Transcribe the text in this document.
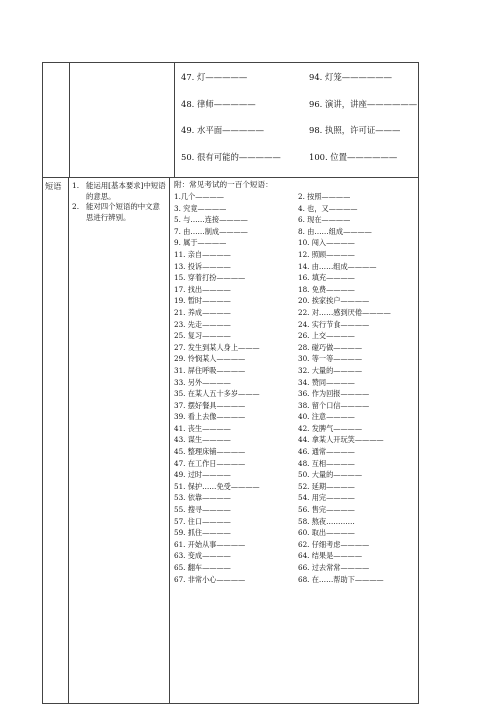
47. 灯—————	94. 灯笼——————
48. 律师—————	96. 演讲，讲座——————
49. 水平面—————	98. 执照，许可证———
50. 很有可能的—————	100. 位置——————
短语	1. 能运用[基本要求]中短语的意思。
2. 能对四个短语的中文意思进行辨别。
附：常见考试的一百个短语：
1.几个————	2. 按照————
3. 究竟————	4. 也，又————
5. 与……连接————	6. 现在————
7. 由……制成————	8. 由……组成————
9. 属于————	10. 闯入————
11. 亲自————	12. 照顾————
13. 投诉————	14. 由……组成————
15. 穿着打扮————	16. 填充————
17. 找出————	18. 免费————
19. 暂时————	20. 挨家挨户————
21. 养成————	22. 对……感到厌倦————
23. 先走————	24. 实行节食————
25. 复习————	26. 上交————
27. 发生到某人身上———	28. 碰巧做————
29. 怜悯某人————	30. 等一等————
31. 屏住呼吸————	32. 大量的————
33. 另外————	34. 赞同————
35. 在某人五十多岁———	36. 作为回报————
37. 摆好餐具————	38. 留个口信————
39. 看上去像————	40. 注意————
41. 丧生————	42. 发脾气————
43. 谋生————	44. 拿某人开玩笑————
45. 整理床铺————	46. 通常————
47. 在工作日————	48. 互相————
49. 过时————	50. 大量的————
51. 保护……免受————	52. 延期————
53. 依靠————	54. 用完————
55. 搜寻————	56. 售完————
57. 住口————	58. 熬夜…………
59. 抓住————	60. 取出————
61. 开始从事————	62. 仔细考虑————
63. 变成————	64. 结果是————
65. 翻车————	66. 过去常常————
67. 非常小心————	68. 在……帮助下————
